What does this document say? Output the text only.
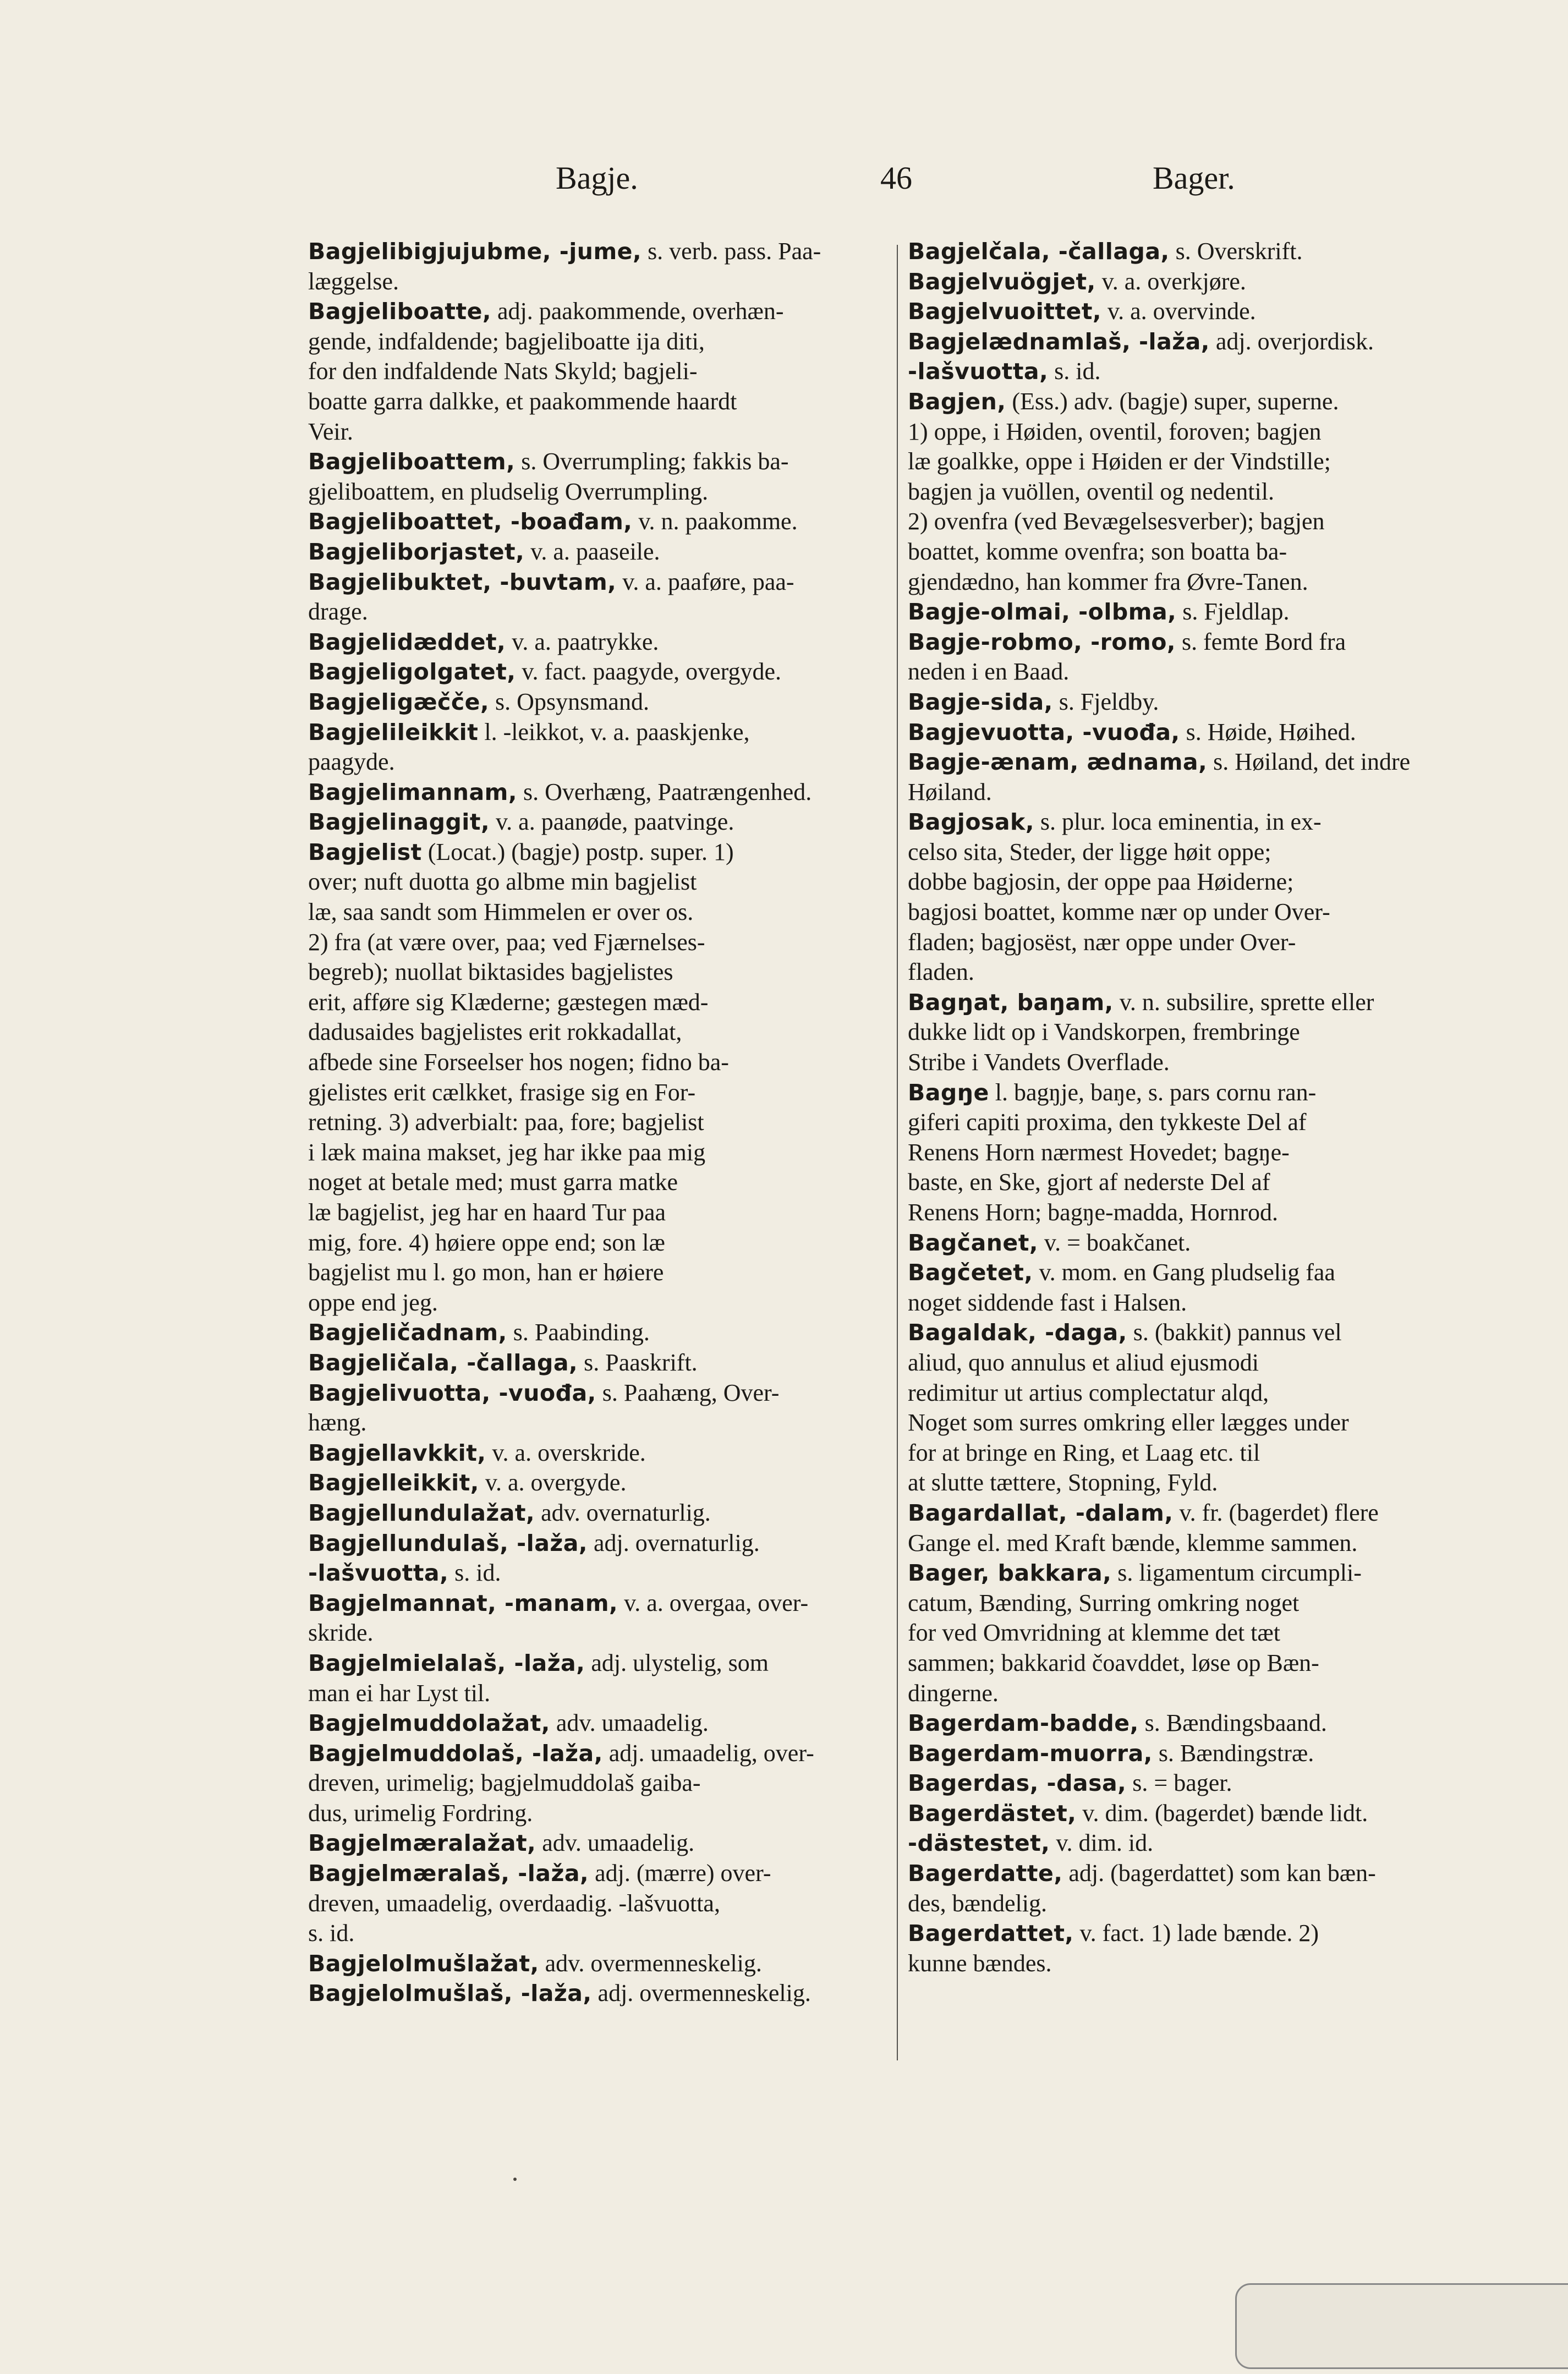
Bagje.	46	Bager.
Bagjelibigjujubme, -jume, s. verb. pass. Paa-
læggelse.
Bagjeliboatte, adj. paakommende, overhæn-
gende, indfaldende; bagjeliboatte ija diti,
for den indfaldende Nats Skyld; bagjeli-
boatte garra dalkke, et paakommende haardt
Veir.
Bagjeliboattem, s. Overrumpling; fakkis ba-
gjeliboattem, en pludselig Overrumpling.
Bagjeliboattet, -boađam, v. n. paakomme.
Bagjeliborjastet, v. a. paaseile.
Bagjelibuktet, -buvtam, v. a. paaføre, paa-
drage.
Bagjelidæddet, v. a. paatrykke.
Bagjeligolgatet, v. fact. paagyde, overgyde.
Bagjeligæčče, s. Opsynsmand.
Bagjelileikkit l. -leikkot, v. a. paaskjenke,
paagyde.
Bagjelimannam, s. Overhæng, Paatrængenhed.
Bagjelinaggit, v. a. paanøde, paatvinge.
Bagjelist (Locat.) (bagje) postp. super. 1)
over; nuft duotta go albme min bagjelist
læ, saa sandt som Himmelen er over os.
2) fra (at være over, paa; ved Fjærnelses-
begreb); nuollat biktasides bagjelistes
erit, afføre sig Klæderne; gæstegen mæd-
dadusaides bagjelistes erit rokkadallat,
afbede sine Forseelser hos nogen; fidno ba-
gjelistes erit cælkket, frasige sig en For-
retning. 3) adverbialt: paa, fore; bagjelist
i læk maina makset, jeg har ikke paa mig
noget at betale med; must garra matke
læ bagjelist, jeg har en haard Tur paa
mig, fore. 4) høiere oppe end; son læ
bagjelist mu l. go mon, han er høiere
oppe end jeg.
Bagjeličadnam, s. Paabinding.
Bagjeličala, -čallaga, s. Paaskrift.
Bagjelivuotta, -vuođa, s. Paahæng, Over-
hæng.
Bagjellavkkit, v. a. overskride.
Bagjelleikkit, v. a. overgyde.
Bagjellundulažat, adv. overnaturlig.
Bagjellundulaš, -laža, adj. overnaturlig.
-lašvuotta, s. id.
Bagjelmannat, -manam, v. a. overgaa, over-
skride.
Bagjelmielalaš, -laža, adj. ulystelig, som
man ei har Lyst til.
Bagjelmuddolažat, adv. umaadelig.
Bagjelmuddolaš, -laža, adj. umaadelig, over-
dreven, urimelig; bagjelmuddolaš gaiba-
dus, urimelig Fordring.
Bagjelmæralažat, adv. umaadelig.
Bagjelmæralaš, -laža, adj. (mærre) over-
dreven, umaadelig, overdaadig. -lašvuotta,
s. id.
Bagjelolmušlažat, adv. overmenneskelig.
Bagjelolmušlaš, -laža, adj. overmenneskelig.
Bagjelčala, -čallaga, s. Overskrift.
Bagjelvuögjet, v. a. overkjøre.
Bagjelvuoittet, v. a. overvinde.
Bagjelædnamlaš, -laža, adj. overjordisk.
-lašvuotta, s. id.
Bagjen, (Ess.) adv. (bagje) super, superne.
1) oppe, i Høiden, oventil, foroven; bagjen
læ goalkke, oppe i Høiden er der Vindstille;
bagjen ja vuöllen, oventil og nedentil.
2) ovenfra (ved Bevægelsesverber); bagjen
boattet, komme ovenfra; son boatta ba-
gjendædno, han kommer fra Øvre-Tanen.
Bagje-olmai, -olbma, s. Fjeldlap.
Bagje-robmo, -romo, s. femte Bord fra
neden i en Baad.
Bagje-sida, s. Fjeldby.
Bagjevuotta, -vuođa, s. Høide, Høihed.
Bagje-ænam, ædnama, s. Høiland, det indre
Høiland.
Bagjosak, s. plur. loca eminentia, in ex-
celso sita, Steder, der ligge høit oppe;
dobbe bagjosin, der oppe paa Høiderne;
bagjosi boattet, komme nær op under Over-
fladen; bagjosëst, nær oppe under Over-
fladen.
Bagŋat, baŋam, v. n. subsilire, sprette eller
dukke lidt op i Vandskorpen, frembringe
Stribe i Vandets Overflade.
Bagŋe l. bagŋje, baŋe, s. pars cornu ran-
giferi capiti proxima, den tykkeste Del af
Renens Horn nærmest Hovedet; bagŋe-
baste, en Ske, gjort af nederste Del af
Renens Horn; bagŋe-madda, Hornrod.
Bagčanet, v. = boakčanet.
Bagčetet, v. mom. en Gang pludselig faa
noget siddende fast i Halsen.
Bagaldak, -daga, s. (bakkit) pannus vel
aliud, quo annulus et aliud ejusmodi
redimitur ut artius complectatur alqd,
Noget som surres omkring eller lægges under
for at bringe en Ring, et Laag etc. til
at slutte tættere, Stopning, Fyld.
Bagardallat, -dalam, v. fr. (bagerdet) flere
Gange el. med Kraft bænde, klemme sammen.
Bager, bakkara, s. ligamentum circumpli-
catum, Bænding, Surring omkring noget
for ved Omvridning at klemme det tæt
sammen; bakkarid čoavddet, løse op Bæn-
dingerne.
Bagerdam-badde, s. Bændingsbaand.
Bagerdam-muorra, s. Bændingstræ.
Bagerdas, -dasa, s. = bager.
Bagerdästet, v. dim. (bagerdet) bænde lidt.
-dästestet, v. dim. id.
Bagerdatte, adj. (bagerdattet) som kan bæn-
des, bændelig.
Bagerdattet, v. fact. 1) lade bænde. 2)
kunne bændes.
